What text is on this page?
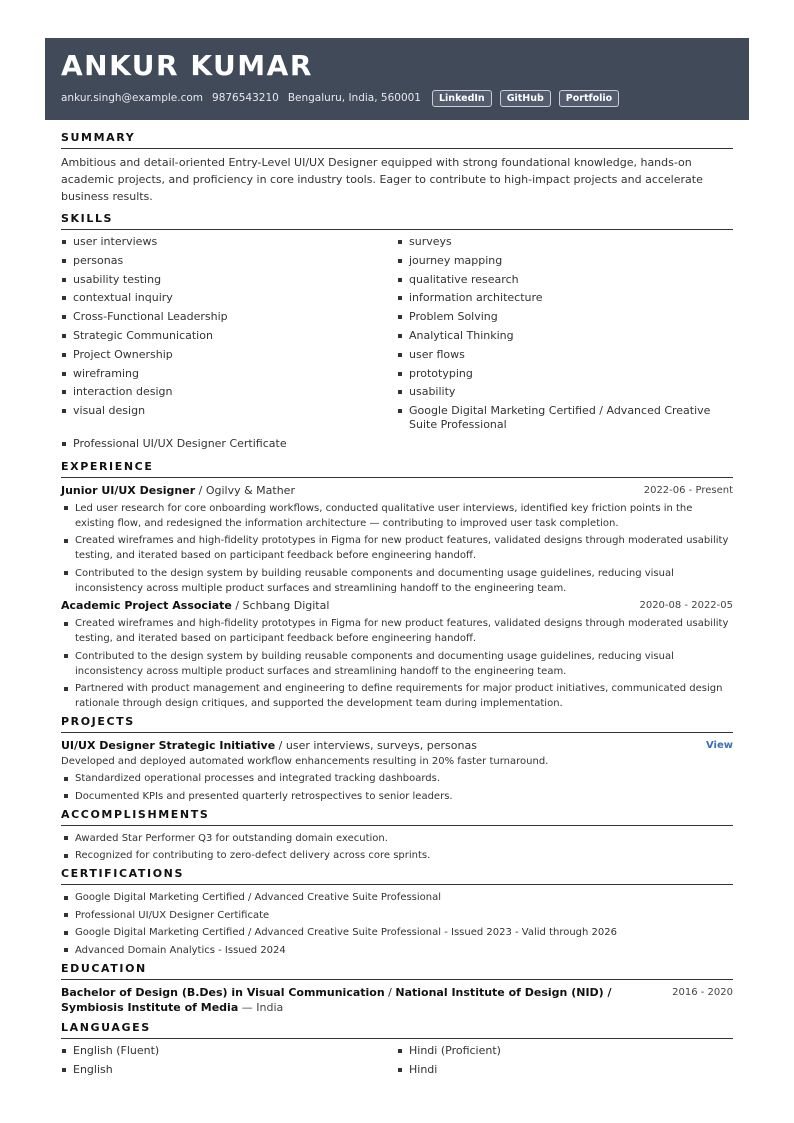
ANKUR KUMAR
ankur.singh@example.com 9876543210 Bengaluru, India, 560001	LinkedIn	GitHub	Portfolio
SUMMARY
Ambitious and detail-oriented Entry-Level UI/UX Designer equipped with strong foundational knowledge, hands-on academic projects, and proficiency in core industry tools. Eager to contribute to high-impact projects and accelerate business results.
SKILLS
user interviews	surveys
personas	journey mapping
usability testing	qualitative research
contextual inquiry	information architecture
Cross-Functional Leadership	Problem Solving
Strategic Communication	Analytical Thinking
Project Ownership	user flows
wireframing	prototyping
interaction design	usability
visual design	Google Digital Marketing Certified / Advanced Creative Suite Professional
Professional UI/UX Designer Certificate
EXPERIENCE
Junior UI/UX Designer / Ogilvy & Mather	2022-06 - Present
Led user research for core onboarding workflows, conducted qualitative user interviews, identified key friction points in the existing flow, and redesigned the information architecture — contributing to improved user task completion.
Created wireframes and high-fidelity prototypes in Figma for new product features, validated designs through moderated usability testing, and iterated based on participant feedback before engineering handoff.
Contributed to the design system by building reusable components and documenting usage guidelines, reducing visual inconsistency across multiple product surfaces and streamlining handoff to the engineering team.
Academic Project Associate / Schbang Digital	2020-08 - 2022-05
Created wireframes and high-fidelity prototypes in Figma for new product features, validated designs through moderated usability testing, and iterated based on participant feedback before engineering handoff.
Contributed to the design system by building reusable components and documenting usage guidelines, reducing visual inconsistency across multiple product surfaces and streamlining handoff to the engineering team.
Partnered with product management and engineering to define requirements for major product initiatives, communicated design rationale through design critiques, and supported the development team during implementation.
PROJECTS
UI/UX Designer Strategic Initiative / user interviews, surveys, personas	View
Developed and deployed automated workflow enhancements resulting in 20% faster turnaround.
Standardized operational processes and integrated tracking dashboards.
Documented KPIs and presented quarterly retrospectives to senior leaders.
ACCOMPLISHMENTS
Awarded Star Performer Q3 for outstanding domain execution.
Recognized for contributing to zero-defect delivery across core sprints.
CERTIFICATIONS
Google Digital Marketing Certified / Advanced Creative Suite Professional
Professional UI/UX Designer Certificate
Google Digital Marketing Certified / Advanced Creative Suite Professional - Issued 2023 - Valid through 2026
Advanced Domain Analytics - Issued 2024
EDUCATION
Bachelor of Design (B.Des) in Visual Communication / National Institute of Design (NID) / Symbiosis Institute of Media — India
2016 - 2020
LANGUAGES
English (Fluent)	Hindi (Proficient)
English	Hindi
